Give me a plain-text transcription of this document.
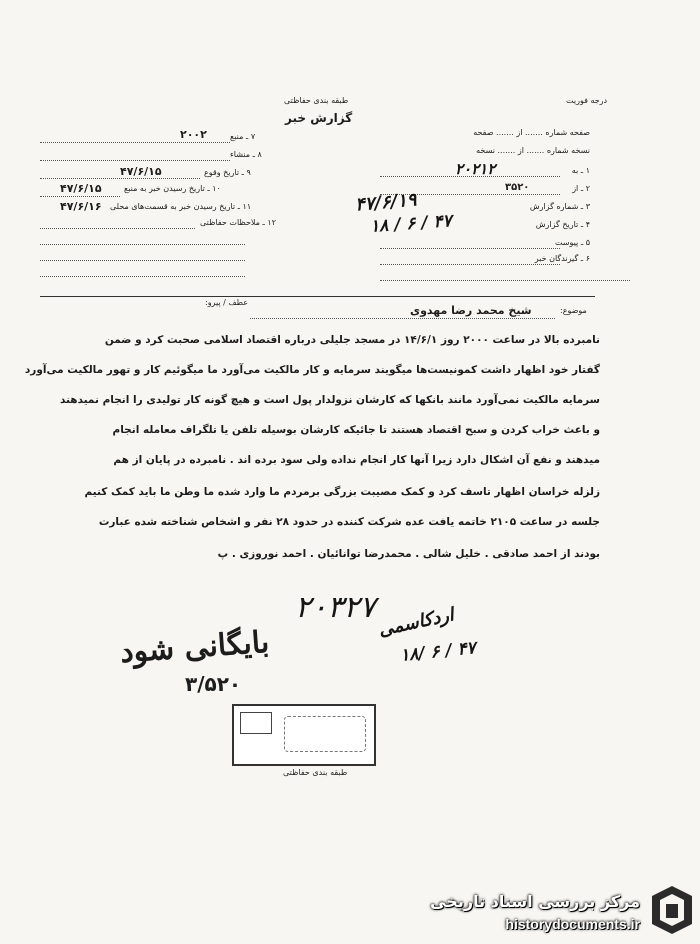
درجه فوریت
طبقه بندی حفاظتی
گزارش خبر
صفحه شماره ....... از ....... صفحه
نسخه شماره ....... از ....... نسخه
۱ ـ به
۲۰۲۱۲
۲ ـ از
۳۵۲۰
۳ ـ شماره گزارش
۴۷/۶/۱۹
۴ ـ تاریخ گزارش
۱۸ / ۶ / ۴۷
۵ ـ پیوست
۶ ـ گیرندگان خبر
۷ ـ منبع
۲۰۰۲
۸ ـ منشاء
۹ ـ تاریخ وقوع
۴۷/۶/۱۵
۱۰ ـ تاریخ رسیدن خبر به منبع
۴۷/۶/۱۵
۱۱ ـ تاریخ رسیدن خبر به قسمت‌های محلی
۴۷/۶/۱۶
۱۲ ـ ملاحظات حفاظتی
موضوع:
شیخ محمد رضا مهدوی
عطف / پیرو:
نامبرده بالا در ساعت ۲۰۰۰ روز ۱۴/۶/۱ در مسجد جلیلی درباره اقتصاد اسلامی صحبت کرد و ضمن
گفتار خود اظهار داشت کمونیست‌ها میگویند سرمایه و کار مالکیت می‌آورد ما میگوئیم کار و تهور مالکیت می‌آورد
سرمایه مالکیت نمی‌آورد مانند بانکها که کارشان نزولدار پول است و هیچ گونه کار تولیدی را انجام نمیدهند
و باعث خراب کردن و سبح اقتصاد هستند تا جائیکه کارشان بوسیله تلفن یا تلگراف معامله انجام
میدهند و نفع آن اشکال دارد زیرا آنها کار انجام نداده ولی سود برده اند . نامبرده در پایان از هم
زلزله خراسان اظهار تاسف کرد و کمک مصیبت بزرگی برمردم ما وارد شده ما وطن ما باید کمک کنیم
جلسه در ساعت ۲۱۰۵ خاتمه یافت عده شرکت کننده در حدود ۲۸ نفر و اشخاص شناخته شده عبارت
بودند از احمد صادقی . خلیل شالی . محمدرضا توانائیان . احمد نوروزی . پ
۲۰۳۲۷ اردکاسمی
۱۸/ ۶ / ۴۷
بایگانی شود
۳/۵۲۰
طبقه بندی حفاظتی
مرکز بررسی اسناد تاریخی
historydocuments.ir
